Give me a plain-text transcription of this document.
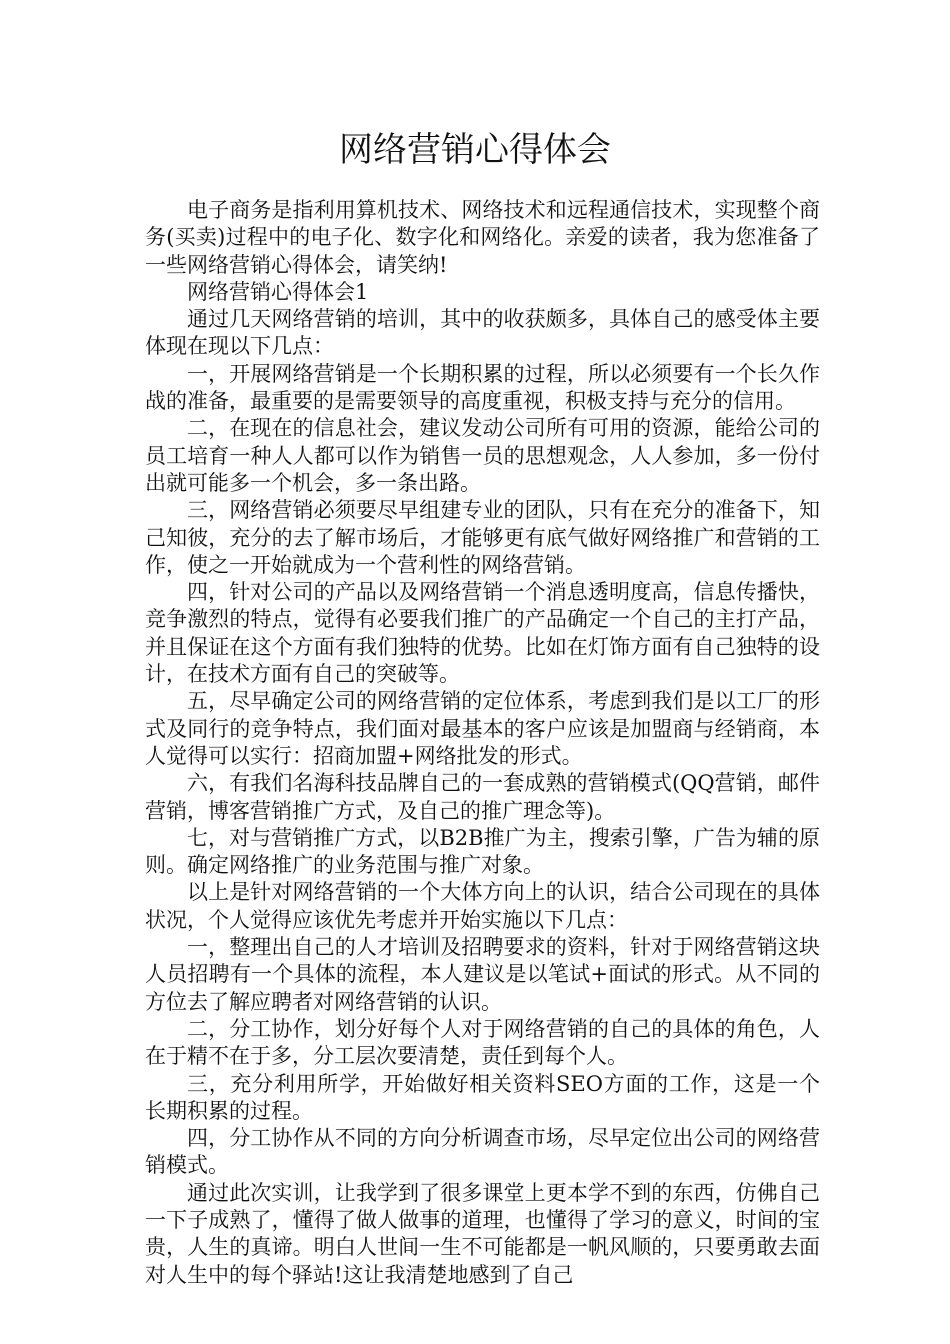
网络营销心得体会

电子商务是指利用算机技术、网络技术和远程通信技术，实现整个商务(买卖)过程中的电子化、数字化和网络化。亲爱的读者，我为您准备了一些网络营销心得体会，请笑纳!

网络营销心得体会1

通过几天网络营销的培训，其中的收获颇多，具体自己的感受体主要体现在现以下几点：

一，开展网络营销是一个长期积累的过程，所以必须要有一个长久作战的准备，最重要的是需要领导的高度重视，积极支持与充分的信用。

二，在现在的信息社会，建议发动公司所有可用的资源，能给公司的员工培育一种人人都可以作为销售一员的思想观念，人人参加，多一份付出就可能多一个机会，多一条出路。

三，网络营销必须要尽早组建专业的团队，只有在充分的准备下，知己知彼，充分的去了解市场后，才能够更有底气做好网络推广和营销的工作，使之一开始就成为一个营利性的网络营销。

四，针对公司的产品以及网络营销一个消息透明度高，信息传播快，竞争激烈的特点，觉得有必要我们推广的产品确定一个自己的主打产品，并且保证在这个方面有我们独特的优势。比如在灯饰方面有自己独特的设计，在技术方面有自己的突破等。

五，尽早确定公司的网络营销的定位体系，考虑到我们是以工厂的形式及同行的竞争特点，我们面对最基本的客户应该是加盟商与经销商，本人觉得可以实行：招商加盟+网络批发的形式。

六，有我们名海科技品牌自己的一套成熟的营销模式(QQ营销，邮件营销，博客营销推广方式，及自己的推广理念等)。

七，对与营销推广方式，以B2B推广为主，搜索引擎，广告为辅的原则。确定网络推广的业务范围与推广对象。

以上是针对网络营销的一个大体方向上的认识，结合公司现在的具体状况，个人觉得应该优先考虑并开始实施以下几点：

一，整理出自己的人才培训及招聘要求的资料，针对于网络营销这块人员招聘有一个具体的流程，本人建议是以笔试+面试的形式。从不同的方位去了解应聘者对网络营销的认识。

二，分工协作，划分好每个人对于网络营销的自己的具体的角色，人在于精不在于多，分工层次要清楚，责任到每个人。

三，充分利用所学，开始做好相关资料SEO方面的工作，这是一个长期积累的过程。

四，分工协作从不同的方向分析调查市场，尽早定位出公司的网络营销模式。

通过此次实训，让我学到了很多课堂上更本学不到的东西，仿佛自己一下子成熟了，懂得了做人做事的道理，也懂得了学习的意义，时间的宝贵，人生的真谛。明白人世间一生不可能都是一帆风顺的，只要勇敢去面对人生中的每个驿站!这让我清楚地感到了自己
